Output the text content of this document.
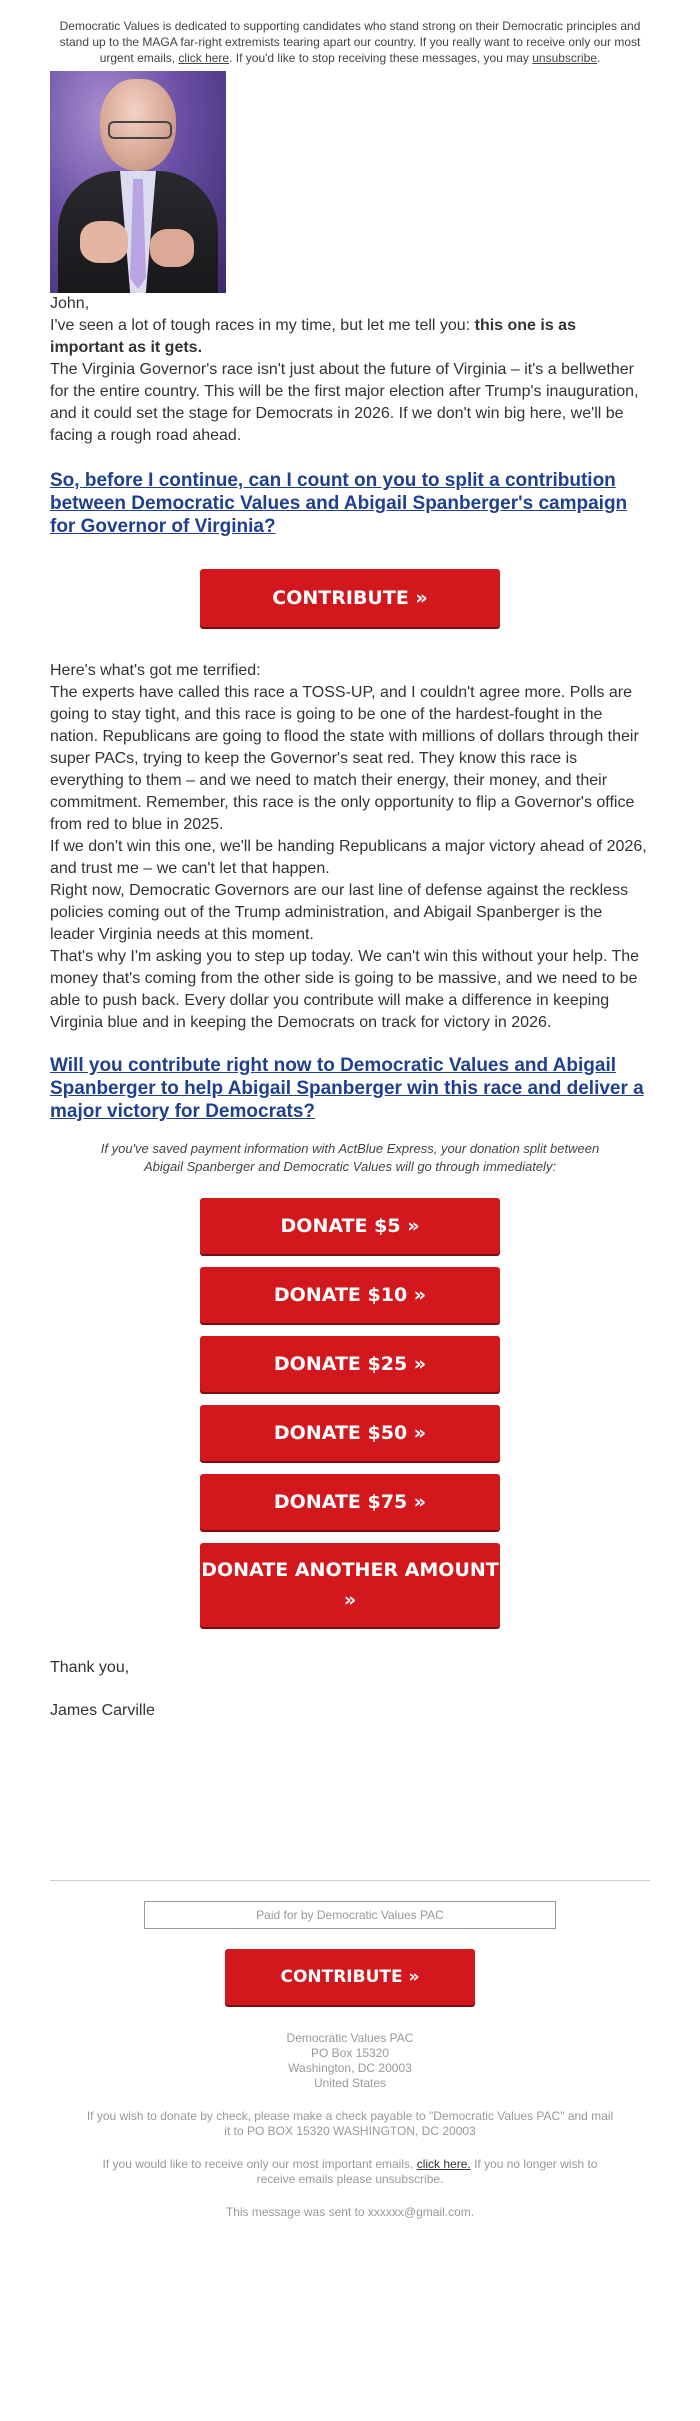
Democratic Values is dedicated to supporting candidates who stand strong on their Democratic principles and stand up to the MAGA far-right extremists tearing apart our country. If you really want to receive only our most urgent emails, click here. If you'd like to stop receiving these messages, you may unsubscribe.

John,

I've seen a lot of tough races in my time, but let me tell you: this one is as important as it gets.

The Virginia Governor's race isn't just about the future of Virginia – it's a bellwether for the entire country. This will be the first major election after Trump's inauguration, and it could set the stage for Democrats in 2026. If we don't win big here, we'll be facing a rough road ahead.

So, before I continue, can I count on you to split a contribution between Democratic Values and Abigail Spanberger's campaign for Governor of Virginia?

CONTRIBUTE »

Here's what's got me terrified:

The experts have called this race a TOSS-UP, and I couldn't agree more. Polls are going to stay tight, and this race is going to be one of the hardest-fought in the nation. Republicans are going to flood the state with millions of dollars through their super PACs, trying to keep the Governor's seat red. They know this race is everything to them – and we need to match their energy, their money, and their commitment. Remember, this race is the only opportunity to flip a Governor's office from red to blue in 2025.

If we don't win this one, we'll be handing Republicans a major victory ahead of 2026, and trust me – we can't let that happen.

Right now, Democratic Governors are our last line of defense against the reckless policies coming out of the Trump administration, and Abigail Spanberger is the leader Virginia needs at this moment.

That's why I'm asking you to step up today. We can't win this without your help. The money that's coming from the other side is going to be massive, and we need to be able to push back. Every dollar you contribute will make a difference in keeping Virginia blue and in keeping the Democrats on track for victory in 2026.

Will you contribute right now to Democratic Values and Abigail Spanberger to help Abigail Spanberger win this race and deliver a major victory for Democrats?

If you've saved payment information with ActBlue Express, your donation split between Abigail Spanberger and Democratic Values will go through immediately:

DONATE $5 »
DONATE $10 »
DONATE $25 »
DONATE $50 »
DONATE $75 »
DONATE ANOTHER AMOUNT
»

Thank you,

James Carville

Paid for by Democratic Values PAC
CONTRIBUTE »
Democratic Values PAC
PO Box 15320
Washington, DC 20003
United States
If you wish to donate by check, please make a check payable to "Democratic Values PAC" and mail it to PO BOX 15320 WASHINGTON, DC 20003
If you would like to receive only our most important emails, click here. If you no longer wish to receive emails please unsubscribe.
This message was sent to xxxxxx@gmail.com.
